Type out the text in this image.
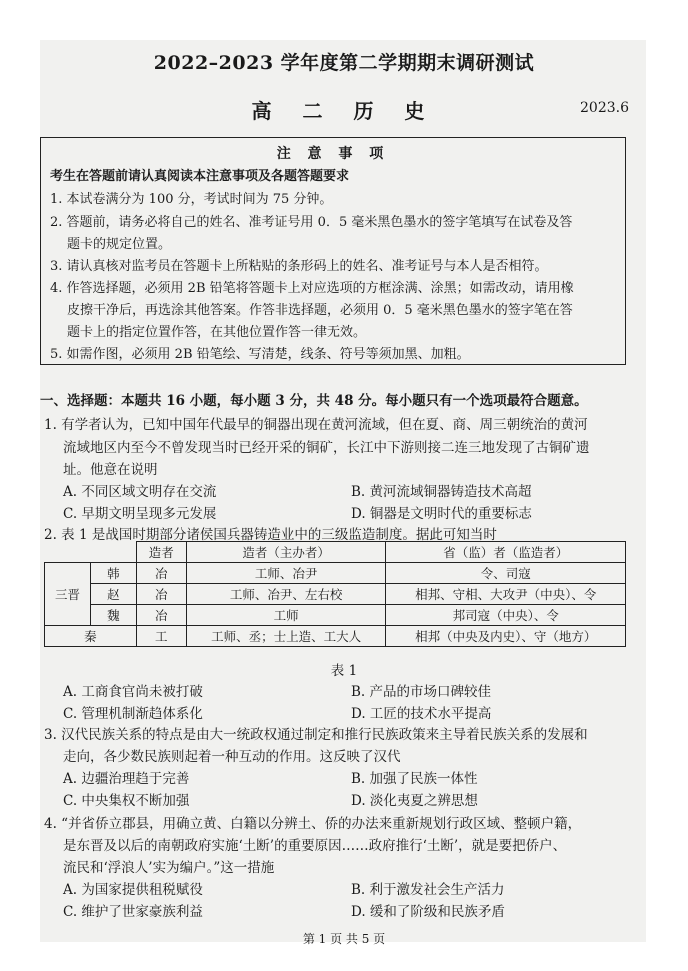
2022–2023 学年度第二学期期末调研测试
高 二 历 史	2023.6
注 意 事 项
考生在答题前请认真阅读本注意事项及各题答题要求
1. 本试卷满分为 100 分，考试时间为 75 分钟。
2. 答题前，请务必将自己的姓名、准考证号用 0．5 毫米黑色墨水的签字笔填写在试卷及答
题卡的规定位置。
3. 请认真核对监考员在答题卡上所粘贴的条形码上的姓名、准考证号与本人是否相符。
4. 作答选择题，必须用 2B 铅笔将答题卡上对应选项的方框涂满、涂黑；如需改动，请用橡
皮擦干净后，再选涂其他答案。作答非选择题，必须用 0．5 毫米黑色墨水的签字笔在答
题卡上的指定位置作答，在其他位置作答一律无效。
5. 如需作图，必须用 2B 铅笔绘、写清楚，线条、符号等须加黑、加粗。
一、选择题：本题共 16 小题，每小题 3 分，共 48 分。每小题只有一个选项最符合题意。
1. 有学者认为，已知中国年代最早的铜器出现在黄河流域，但在夏、商、周三朝统治的黄河
流域地区内至今不曾发现当时已经开采的铜矿，长江中下游则接二连三地发现了古铜矿遗
址。他意在说明
A. 不同区域文明存在交流	B. 黄河流域铜器铸造技术高超
C. 早期文明呈现多元发展	D. 铜器是文明时代的重要标志
2. 表 1 是战国时期部分诸侯国兵器铸造业中的三级监造制度。据此可知当时
		造者	造者（主办者）	省（监）者（监造者）
三晋	韩	冶	工师、冶尹	令、司寇
	赵	冶	工师、冶尹、左右校	相邦、守相、大攻尹（中央）、令
	魏	冶	工师	邦司寇（中央）、令
秦		工	工师、丞；士上造、工大人	相邦（中央及内史）、守（地方）
表 1
A. 工商食官尚未被打破	B. 产品的市场口碑较佳
C. 管理机制渐趋体系化	D. 工匠的技术水平提高
3. 汉代民族关系的特点是由大一统政权通过制定和推行民族政策来主导着民族关系的发展和
走向，各少数民族则起着一种互动的作用。这反映了汉代
A. 边疆治理趋于完善	B. 加强了民族一体性
C. 中央集权不断加强	D. 淡化夷夏之辨思想
4. “并省侨立郡县，用确立黄、白籍以分辨土、侨的办法来重新规划行政区域、整顿户籍，
是东晋及以后的南朝政府实施‘土断’的重要原因……政府推行‘土断’，就是要把侨户、
流民和‘浮浪人’实为编户。”这一措施
A. 为国家提供租税赋役	B. 利于激发社会生产活力
C. 维护了世家豪族利益	D. 缓和了阶级和民族矛盾
第 1 页 共 5 页
